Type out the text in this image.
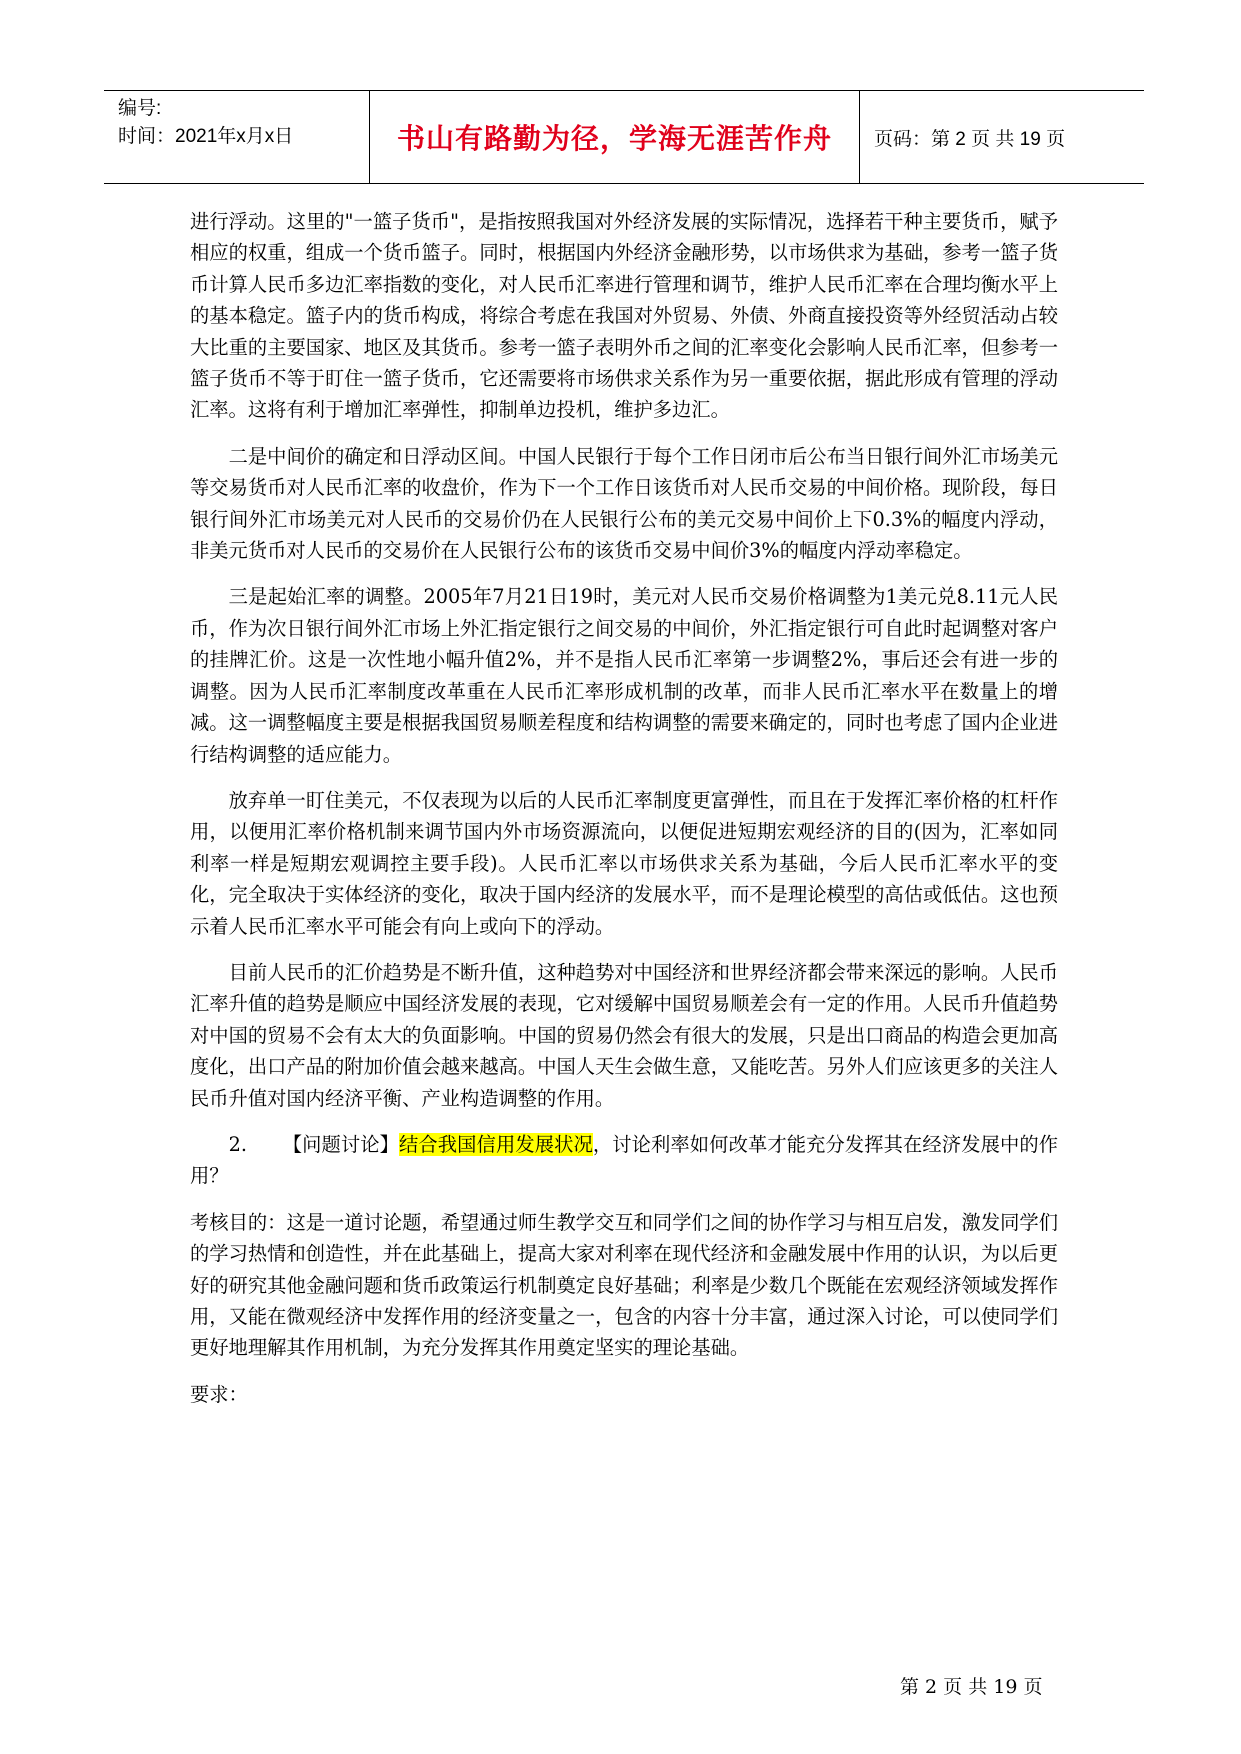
编号:
时间：2021年x月x日	书山有路勤为径，学海无涯苦作舟 页码：第 2 页 共 19 页

进行浮动。这里的"一篮子货币"，是指按照我国对外经济发展的实际情况，选择若干种主要货币，赋予相应的权重，组成一个货币篮子。同时，根据国内外经济金融形势，以市场供求为基础，参考一篮子货币计算人民币多边汇率指数的变化，对人民币汇率进行管理和调节，维护人民币汇率在合理均衡水平上的基本稳定。篮子内的货币构成，将综合考虑在我国对外贸易、外债、外商直接投资等外经贸活动占较大比重的主要国家、地区及其货币。参考一篮子表明外币之间的汇率变化会影响人民币汇率，但参考一篮子货币不等于盯住一篮子货币，它还需要将市场供求关系作为另一重要依据，据此形成有管理的浮动汇率。这将有利于增加汇率弹性，抑制单边投机，维护多边汇。

二是中间价的确定和日浮动区间。中国人民银行于每个工作日闭市后公布当日银行间外汇市场美元等交易货币对人民币汇率的收盘价，作为下一个工作日该货币对人民币交易的中间价格。现阶段，每日银行间外汇市场美元对人民币的交易价仍在人民银行公布的美元交易中间价上下0.3%的幅度内浮动，非美元货币对人民币的交易价在人民银行公布的该货币交易中间价3%的幅度内浮动率稳定。

三是起始汇率的调整。2005年7月21日19时，美元对人民币交易价格调整为1美元兑8.11元人民币，作为次日银行间外汇市场上外汇指定银行之间交易的中间价，外汇指定银行可自此时起调整对客户的挂牌汇价。这是一次性地小幅升值2%，并不是指人民币汇率第一步调整2%，事后还会有进一步的调整。因为人民币汇率制度改革重在人民币汇率形成机制的改革，而非人民币汇率水平在数量上的增减。这一调整幅度主要是根据我国贸易顺差程度和结构调整的需要来确定的，同时也考虑了国内企业进行结构调整的适应能力。

放弃单一盯住美元，不仅表现为以后的人民币汇率制度更富弹性，而且在于发挥汇率价格的杠杆作用，以便用汇率价格机制来调节国内外市场资源流向，以便促进短期宏观经济的目的(因为，汇率如同利率一样是短期宏观调控主要手段)。人民币汇率以市场供求关系为基础，今后人民币汇率水平的变化，完全取决于实体经济的变化，取决于国内经济的发展水平，而不是理论模型的高估或低估。这也预示着人民币汇率水平可能会有向上或向下的浮动。

目前人民币的汇价趋势是不断升值，这种趋势对中国经济和世界经济都会带来深远的影响。人民币汇率升值的趋势是顺应中国经济发展的表现，它对缓解中国贸易顺差会有一定的作用。人民币升值趋势对中国的贸易不会有太大的负面影响。中国的贸易仍然会有很大的发展，只是出口商品的构造会更加高度化，出口产品的附加价值会越来越高。中国人天生会做生意，又能吃苦。另外人们应该更多的关注人民币升值对国内经济平衡、产业构造调整的作用。

2. 【问题讨论】结合我国信用发展状况，讨论利率如何改革才能充分发挥其在经济发展中的作用？

考核目的：这是一道讨论题，希望通过师生教学交互和同学们之间的协作学习与相互启发，激发同学们的学习热情和创造性，并在此基础上，提高大家对利率在现代经济和金融发展中作用的认识，为以后更好的研究其他金融问题和货币政策运行机制奠定良好基础；利率是少数几个既能在宏观经济领域发挥作用，又能在微观经济中发挥作用的经济变量之一，包含的内容十分丰富，通过深入讨论，可以使同学们更好地理解其作用机制，为充分发挥其作用奠定坚实的理论基础。

要求：

第 2 页 共 19 页
